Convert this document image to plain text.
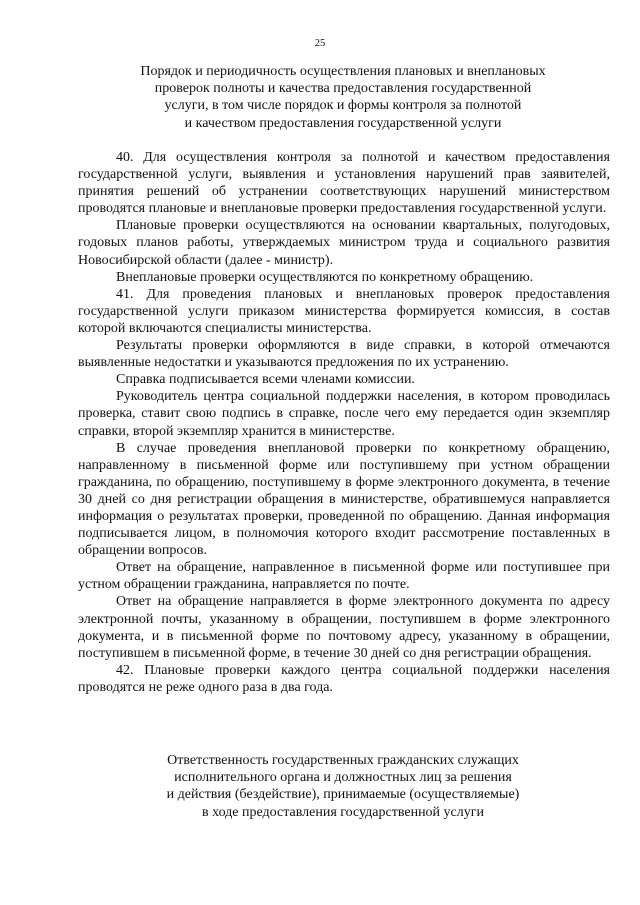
25
Порядок и периодичность осуществления плановых и внеплановых
проверок полноты и качества предоставления государственной
услуги, в том числе порядок и формы контроля за полнотой
и качеством предоставления государственной услуги

40. Для осуществления контроля за полнотой и качеством предоставления государственной услуги, выявления и установления нарушений прав заявителей, принятия решений об устранении соответствующих нарушений министерством проводятся плановые и внеплановые проверки предоставления государственной услуги.

Плановые проверки осуществляются на основании квартальных, полугодовых, годовых планов работы, утверждаемых министром труда и социального развития Новосибирской области (далее - министр).

Внеплановые проверки осуществляются по конкретному обращению.

41. Для проведения плановых и внеплановых проверок предоставления государственной услуги приказом министерства формируется комиссия, в состав которой включаются специалисты министерства.

Результаты проверки оформляются в виде справки, в которой отмечаются выявленные недостатки и указываются предложения по их устранению.

Справка подписывается всеми членами комиссии.

Руководитель центра социальной поддержки населения, в котором проводилась проверка, ставит свою подпись в справке, после чего ему передается один экземпляр справки, второй экземпляр хранится в министерстве.

В случае проведения внеплановой проверки по конкретному обращению, направленному в письменной форме или поступившему при устном обращении гражданина, по обращению, поступившему в форме электронного документа, в течение 30 дней со дня регистрации обращения в министерстве, обратившемуся направляется информация о результатах проверки, проведенной по обращению. Данная информация подписывается лицом, в полномочия которого входит рассмотрение поставленных в обращении вопросов.

Ответ на обращение, направленное в письменной форме или поступившее при устном обращении гражданина, направляется по почте.

Ответ на обращение направляется в форме электронного документа по адресу электронной почты, указанному в обращении, поступившем в форме электронного документа, и в письменной форме по почтовому адресу, указанному в обращении, поступившем в письменной форме, в течение 30 дней со дня регистрации обращения.

42. Плановые проверки каждого центра социальной поддержки населения проводятся не реже одного раза в два года.

Ответственность государственных гражданских служащих
исполнительного органа и должностных лиц за решения
и действия (бездействие), принимаемые (осуществляемые)
в ходе предоставления государственной услуги
